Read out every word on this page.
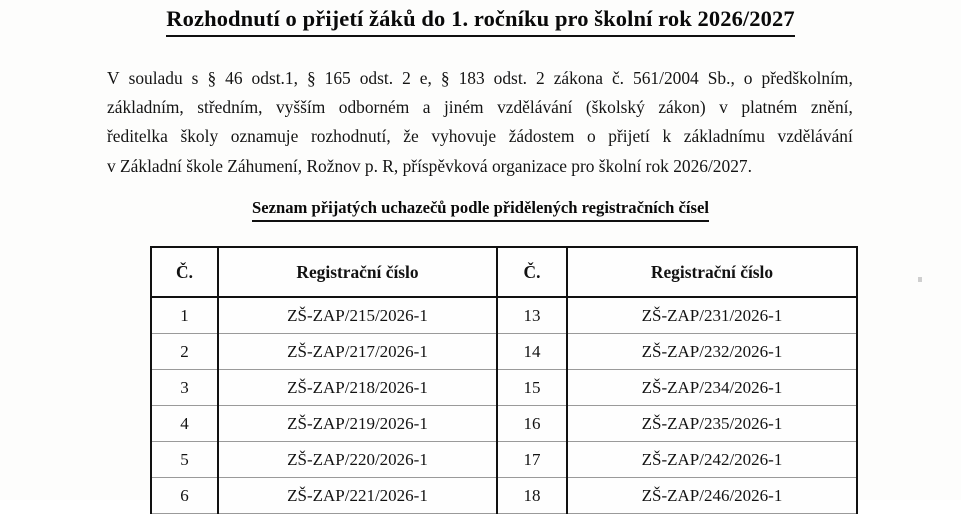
Rozhodnutí o přijetí žáků do 1. ročníku pro školní rok 2026/2027
V souladu s § 46 odst.1, § 165 odst. 2 e, § 183 odst. 2 zákona č. 561/2004 Sb., o předškolním,
základním, středním, vyšším odborném a jiném vzdělávání (školský zákon) v platném znění,
ředitelka školy oznamuje rozhodnutí, že vyhovuje žádostem o přijetí k základnímu vzdělávání
v Základní škole Záhumení, Rožnov p. R, příspěvková organizace pro školní rok 2026/2027.
Seznam přijatých uchazečů podle přidělených registračních čísel
Č.	Registrační číslo	Č.	Registrační číslo
1	ZŠ-ZAP/215/2026-1	13	ZŠ-ZAP/231/2026-1
2	ZŠ-ZAP/217/2026-1	14	ZŠ-ZAP/232/2026-1
3	ZŠ-ZAP/218/2026-1	15	ZŠ-ZAP/234/2026-1
4	ZŠ-ZAP/219/2026-1	16	ZŠ-ZAP/235/2026-1
5	ZŠ-ZAP/220/2026-1	17	ZŠ-ZAP/242/2026-1
6	ZŠ-ZAP/221/2026-1	18	ZŠ-ZAP/246/2026-1
